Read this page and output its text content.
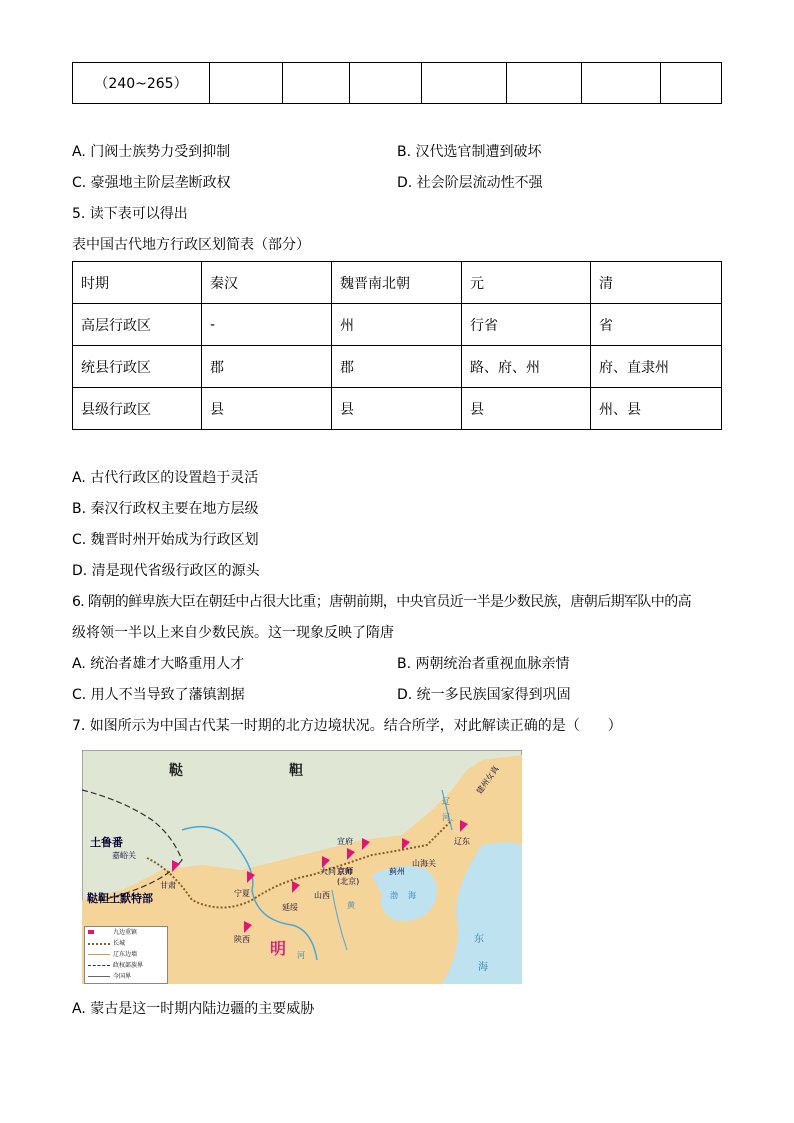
（240~265）							
A. 门阀士族势力受到抑制	B. 汉代选官制遭到破坏
C. 豪强地主阶层垄断政权	D. 社会阶层流动性不强
5. 读下表可以得出
表中国古代地方行政区划简表（部分）
时期	秦汉	魏晋南北朝	元	清
高层行政区	-	州	行省	省
统县行政区	郡	郡	路、府、州	府、直隶州
县级行政区	县	县	县	州、县
A. 古代行政区的设置趋于灵活
B. 秦汉行政权主要在地方层级
C. 魏晋时州开始成为行政区划
D. 清是现代省级行政区的源头
6. 隋朝的鲜卑族大臣在朝廷中占很大比重；唐朝前期，中央官员近一半是少数民族，唐朝后期军队中的高
级将领一半以上来自少数民族。这一现象反映了隋唐
A. 统治者雄才大略重用人才	B. 两朝统治者重视血脉亲情
C. 用人不当导致了藩镇割据	D. 统一多民族国家得到巩固
7. 如图所示为中国古代某一时期的北方边境状况。结合所学，对此解读正确的是（　　）
鞑	靼
土鲁番
嘉峪关
甘肃
鞑靼土默特部	宁夏
延绥
陕西
山西
大同
宣府
京师
(北京)
蓟州
山海关
辽东
建州女真
渤 海
明	东
海
河
黄
辽
河
九边重镇
长城
辽东边墙
政权部族界
今国界
A. 蒙古是这一时期内陆边疆的主要威胁
